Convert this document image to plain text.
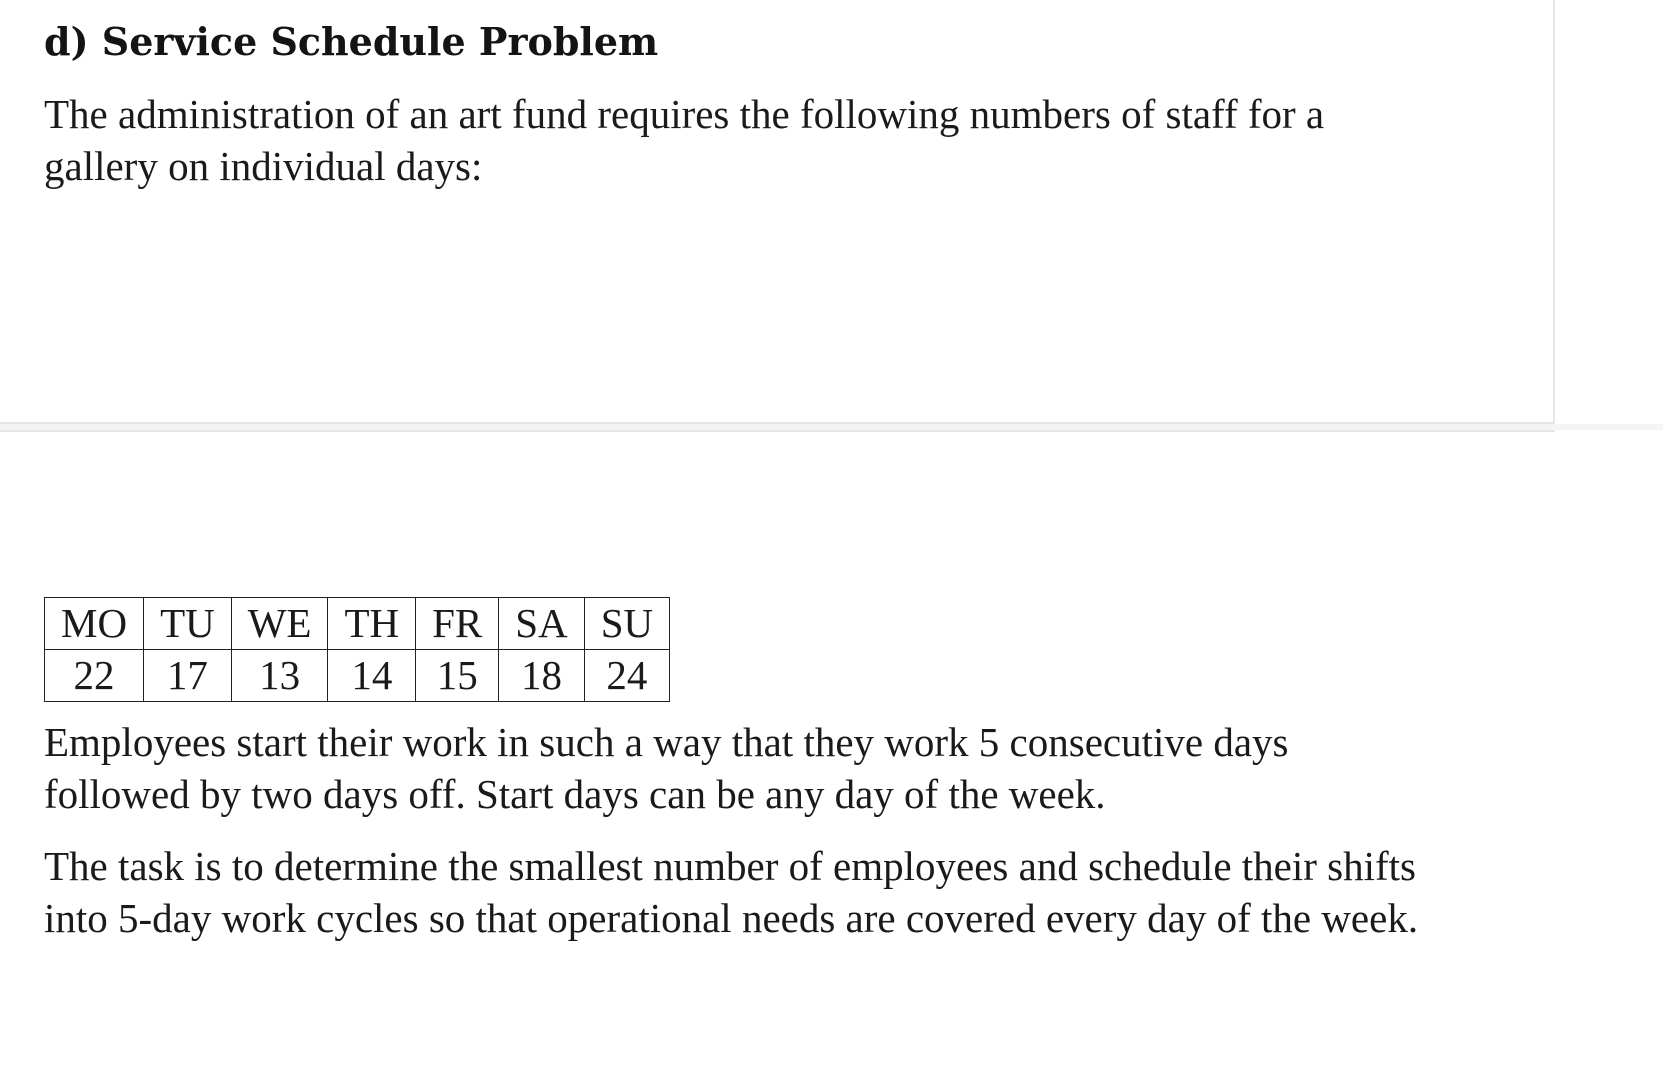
d) Service Schedule Problem

The administration of an art fund requires the following numbers of staff for a gallery on individual days:

MO	TU	WE	TH	FR	SA	SU
22	17	13	14	15	18	24

Employees start their work in such a way that they work 5 consecutive days followed by two days off. Start days can be any day of the week.

The task is to determine the smallest number of employees and schedule their shifts into 5-day work cycles so that operational needs are covered every day of the week.
